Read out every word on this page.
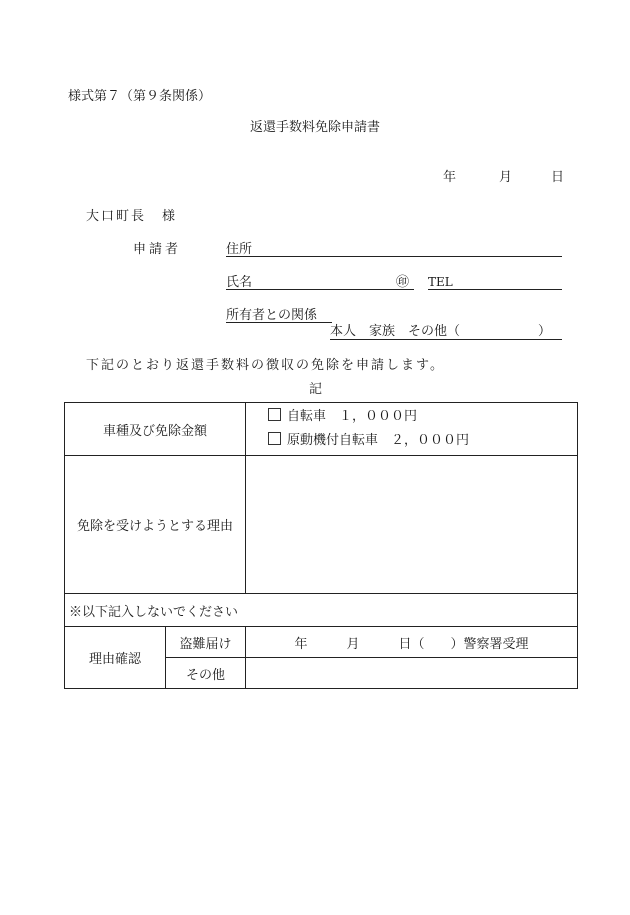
様式第７（第９条関係）
返還手数料免除申請書
年	月	日
大口町長 様
申請者	住所
氏名	㊞ TEL
所有者との関係
本人　家族　その他（　　　　　　）
下記のとおり返還手数料の徴収の免除を申請します。
記
車種及び免除金額		自転車　１，０００円
原動機付自転車　２，０００円

免除を受けようとする理由		
※以下記入しないでください		
理由確認	盗難届け	年　　　月　　　日（　　）警察署受理
	その他	
